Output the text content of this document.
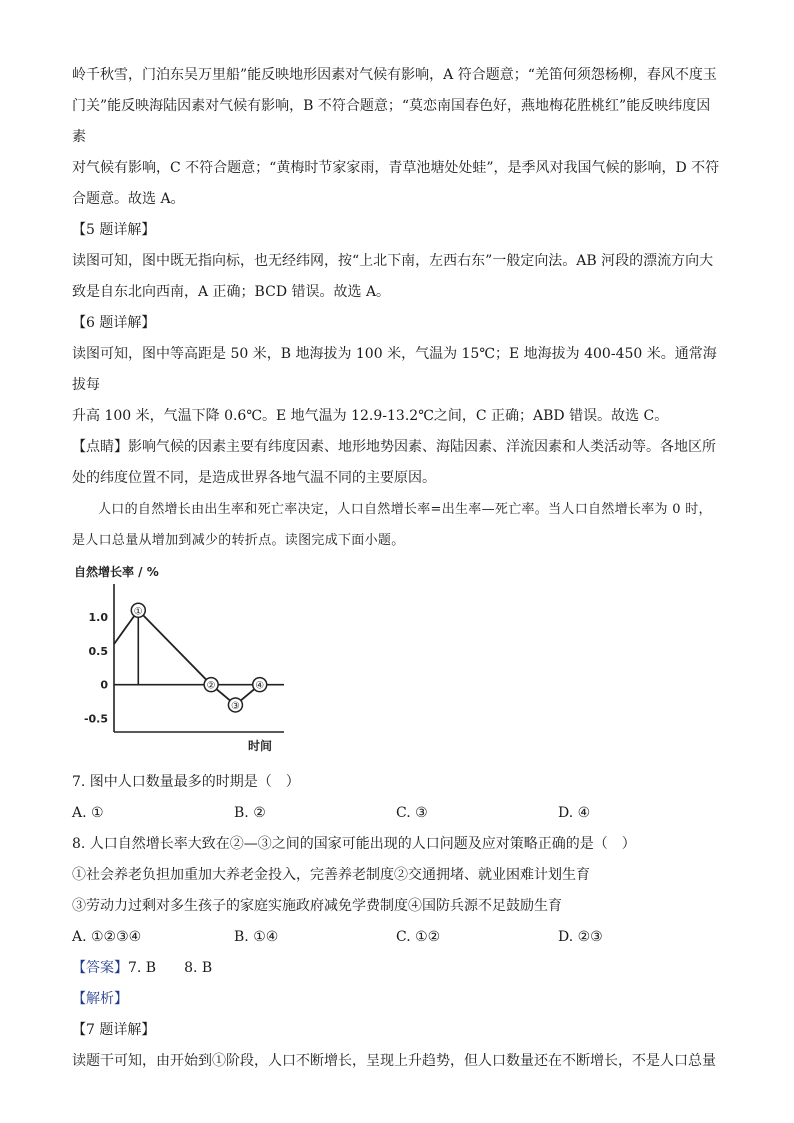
岭千秋雪，门泊东吴万里船”能反映地形因素对气候有影响，A 符合题意；“羌笛何须怨杨柳，春风不度玉

门关”能反映海陆因素对气候有影响，B 不符合题意；“莫恋南国春色好，燕地梅花胜桃红”能反映纬度因素

对气候有影响，C 不符合题意；“黄梅时节家家雨，青草池塘处处蛙”，是季风对我国气候的影响，D 不符

合题意。故选 A。

【5 题详解】

读图可知，图中既无指向标，也无经纬网，按“上北下南，左西右东”一般定向法。AB 河段的漂流方向大

致是自东北向西南，A 正确；BCD 错误。故选 A。

【6 题详解】

读图可知，图中等高距是 50 米，B 地海拔为 100 米，气温为 15℃；E 地海拔为 400-450 米。通常海拔每

升高 100 米，气温下降 0.6℃。E 地气温为 12.9-13.2℃之间，C 正确；ABD 错误。故选 C。

【点睛】影响气候的因素主要有纬度因素、地形地势因素、海陆因素、洋流因素和人类活动等。各地区所

处的纬度位置不同，是造成世界各地气温不同的主要原因。

人口的自然增长由出生率和死亡率决定，人口自然增长率=出生率—死亡率。当人口自然增长率为 0 时，

是人口总量从增加到减少的转折点。读图完成下面小题。

自然增长率 / %
1.0
0.5
0
-0.5
时间
①
②
③
④

7. 图中人口数量最多的时期是（　）

A. ①	B. ②	C. ③	D. ④

8. 人口自然增长率大致在②—③之间的国家可能出现的人口问题及应对策略正确的是（　）

①社会养老负担加重加大养老金投入，完善养老制度②交通拥堵、就业困难计划生育

③劳动力过剩对多生孩子的家庭实施政府减免学费制度④国防兵源不足鼓励生育

A. ①②③④	B. ①④	C. ①②	D. ②③

【答案】7. B　　8. B

【解析】

【7 题详解】

读题干可知，由开始到①阶段，人口不断增长，呈现上升趋势，但人口数量还在不断增长，不是人口总量
